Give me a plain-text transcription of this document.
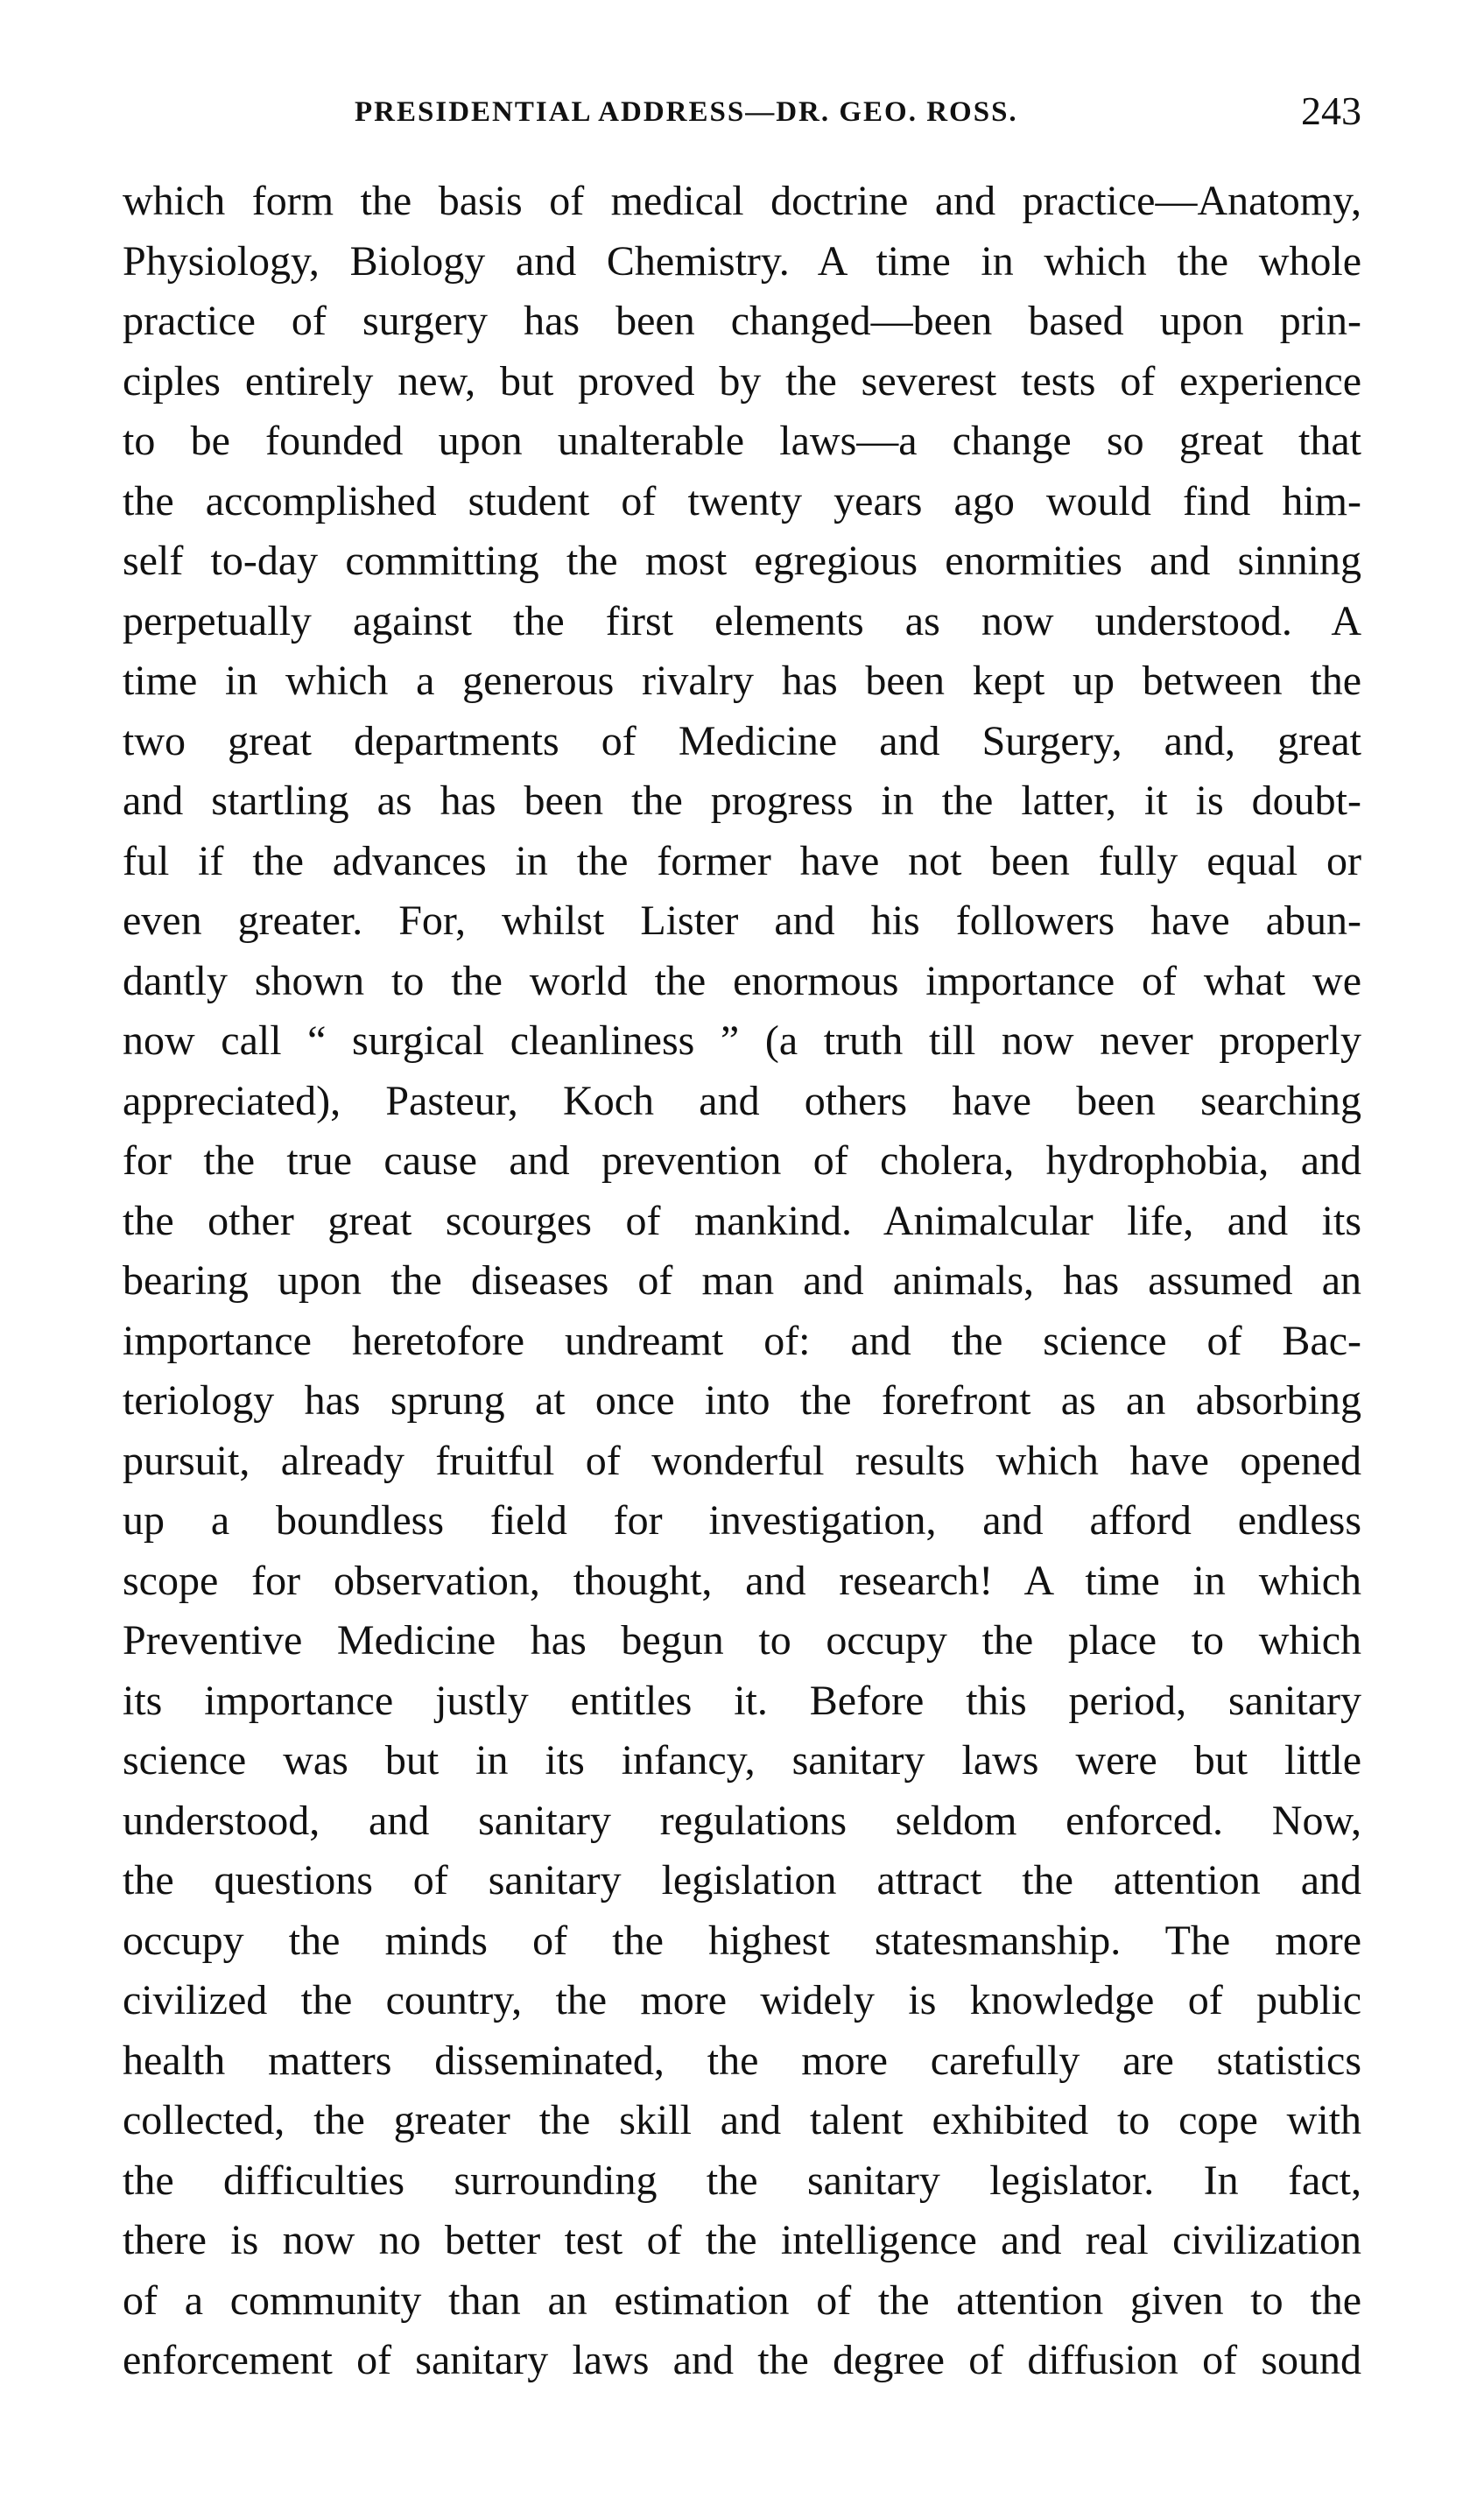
PRESIDENTIAL ADDRESS—DR. GEO. ROSS.	243
which form the basis of medical doctrine and practice—Anatomy,
Physiology, Biology and Chemistry. A time in which the whole
practice of surgery has been changed—been based upon prin-
ciples entirely new, but proved by the severest tests of experience
to be founded upon unalterable laws—a change so great that
the accomplished student of twenty years ago would find him-
self to-day committing the most egregious enormities and sinning
perpetually against the first elements as now understood. A
time in which a generous rivalry has been kept up between the
two great departments of Medicine and Surgery, and, great
and startling as has been the progress in the latter, it is doubt-
ful if the advances in the former have not been fully equal or
even greater. For, whilst Lister and his followers have abun-
dantly shown to the world the enormous importance of what we
now call “ surgical cleanliness ” (a truth till now never properly
appreciated), Pasteur, Koch and others have been searching
for the true cause and prevention of cholera, hydrophobia, and
the other great scourges of mankind. Animalcular life, and its
bearing upon the diseases of man and animals, has assumed an
importance heretofore undreamt of: and the science of Bac-
teriology has sprung at once into the forefront as an absorbing
pursuit, already fruitful of wonderful results which have opened
up a boundless field for investigation, and afford endless
scope for observation, thought, and research! A time in which
Preventive Medicine has begun to occupy the place to which
its importance justly entitles it. Before this period, sanitary
science was but in its infancy, sanitary laws were but little
understood, and sanitary regulations seldom enforced. Now,
the questions of sanitary legislation attract the attention and
occupy the minds of the highest statesmanship. The more
civilized the country, the more widely is knowledge of public
health matters disseminated, the more carefully are statistics
collected, the greater the skill and talent exhibited to cope with
the difficulties surrounding the sanitary legislator. In fact,
there is now no better test of the intelligence and real civilization
of a community than an estimation of the attention given to the
enforcement of sanitary laws and the degree of diffusion of sound
